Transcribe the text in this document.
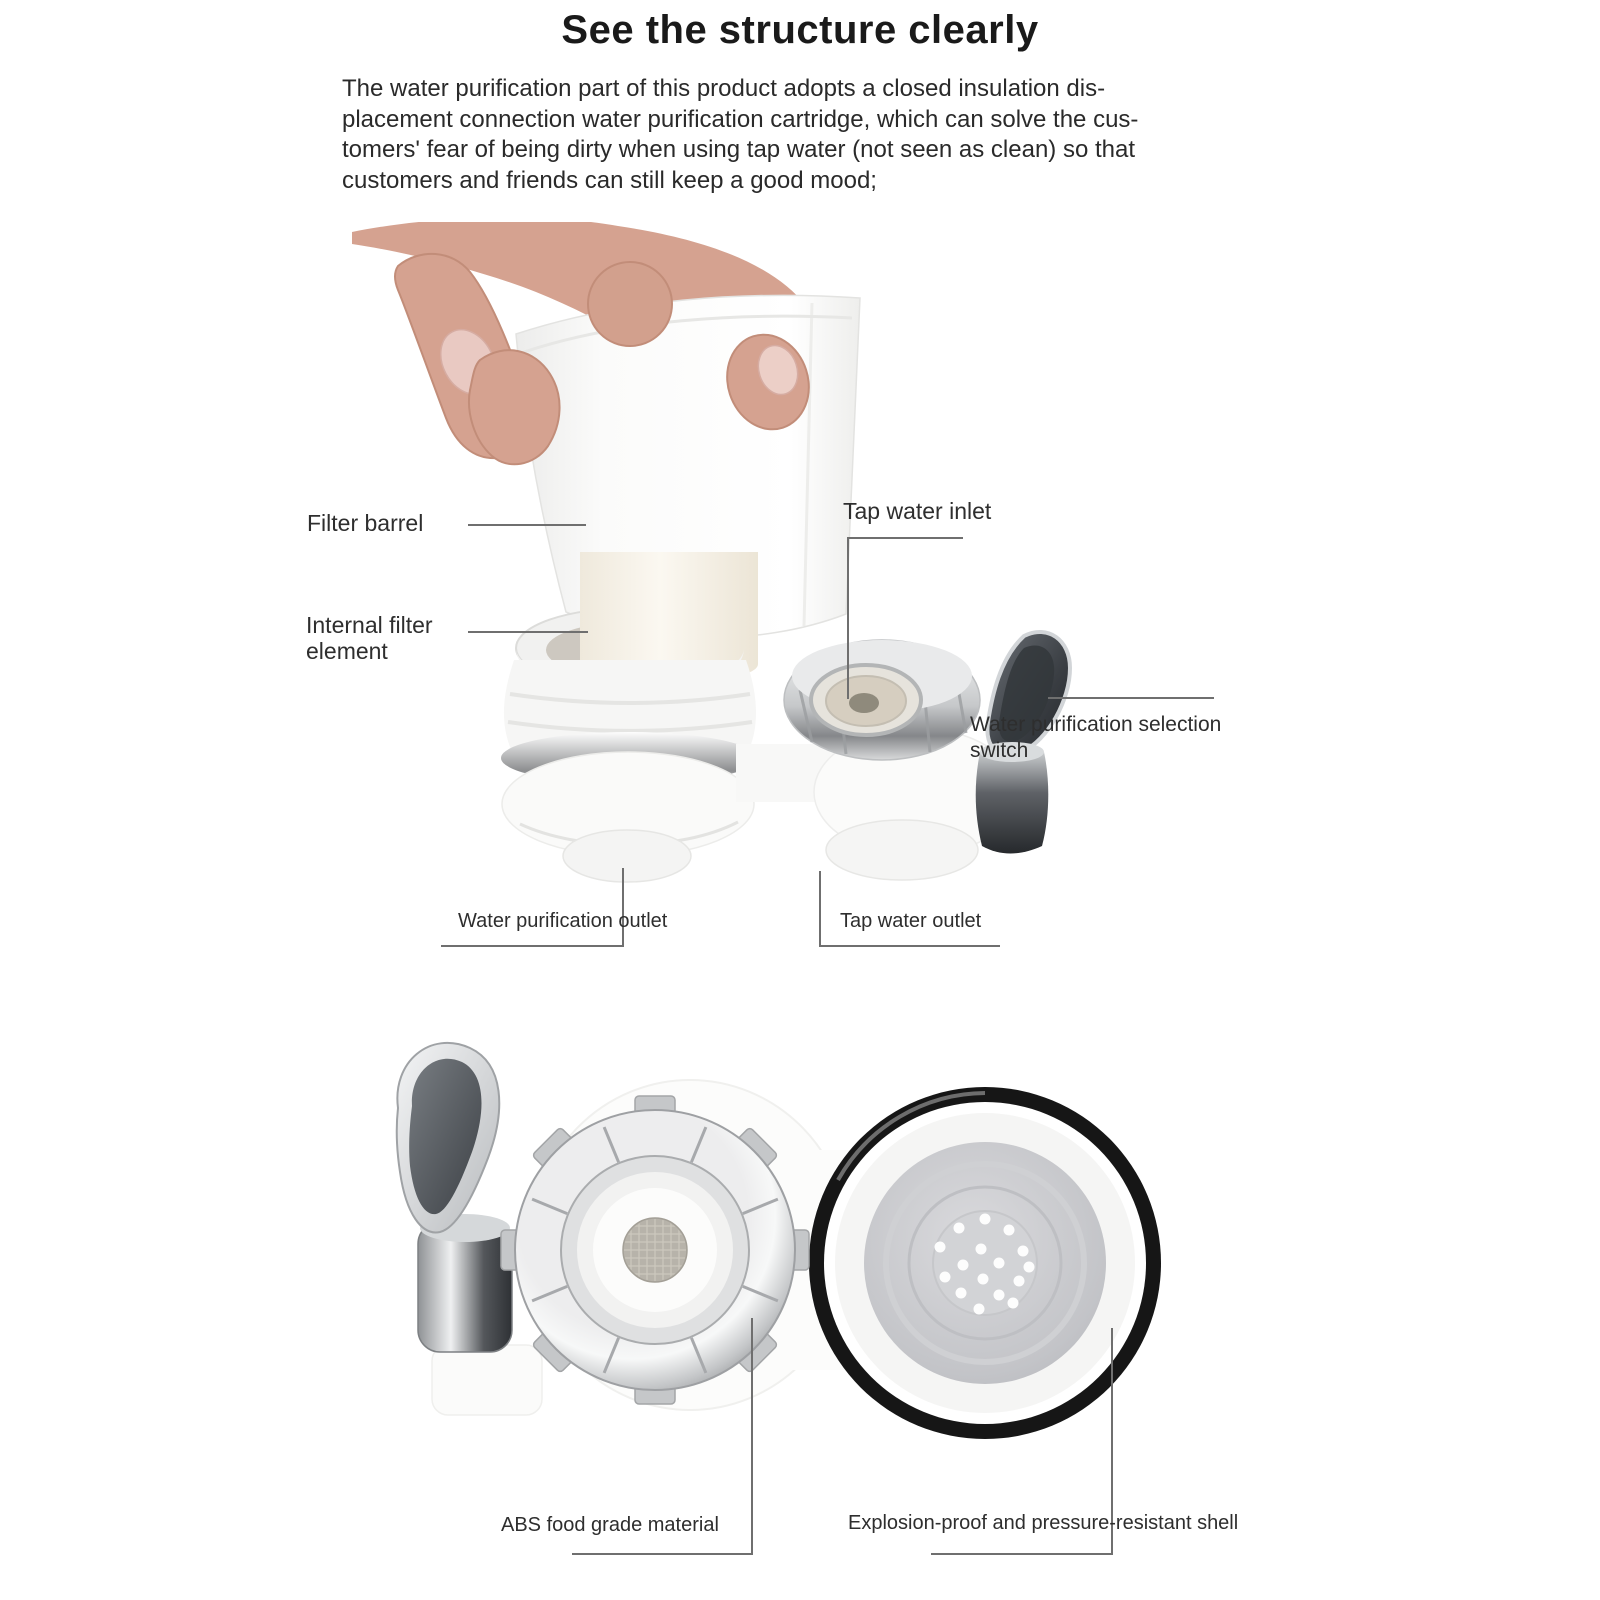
See the structure clearly
The water purification part of this product adopts a closed insulation dis-
placement connection water purification cartridge, which can solve the cus-
tomers' fear of being dirty when using tap water (not seen as clean) so that
customers and friends can still keep a good mood;
Filter barrel
Internal filter
element
Tap water inlet
Water purification selection
switch
Water purification outlet	Tap water outlet
ABS food grade material	Explosion-proof and pressure-resistant shell
